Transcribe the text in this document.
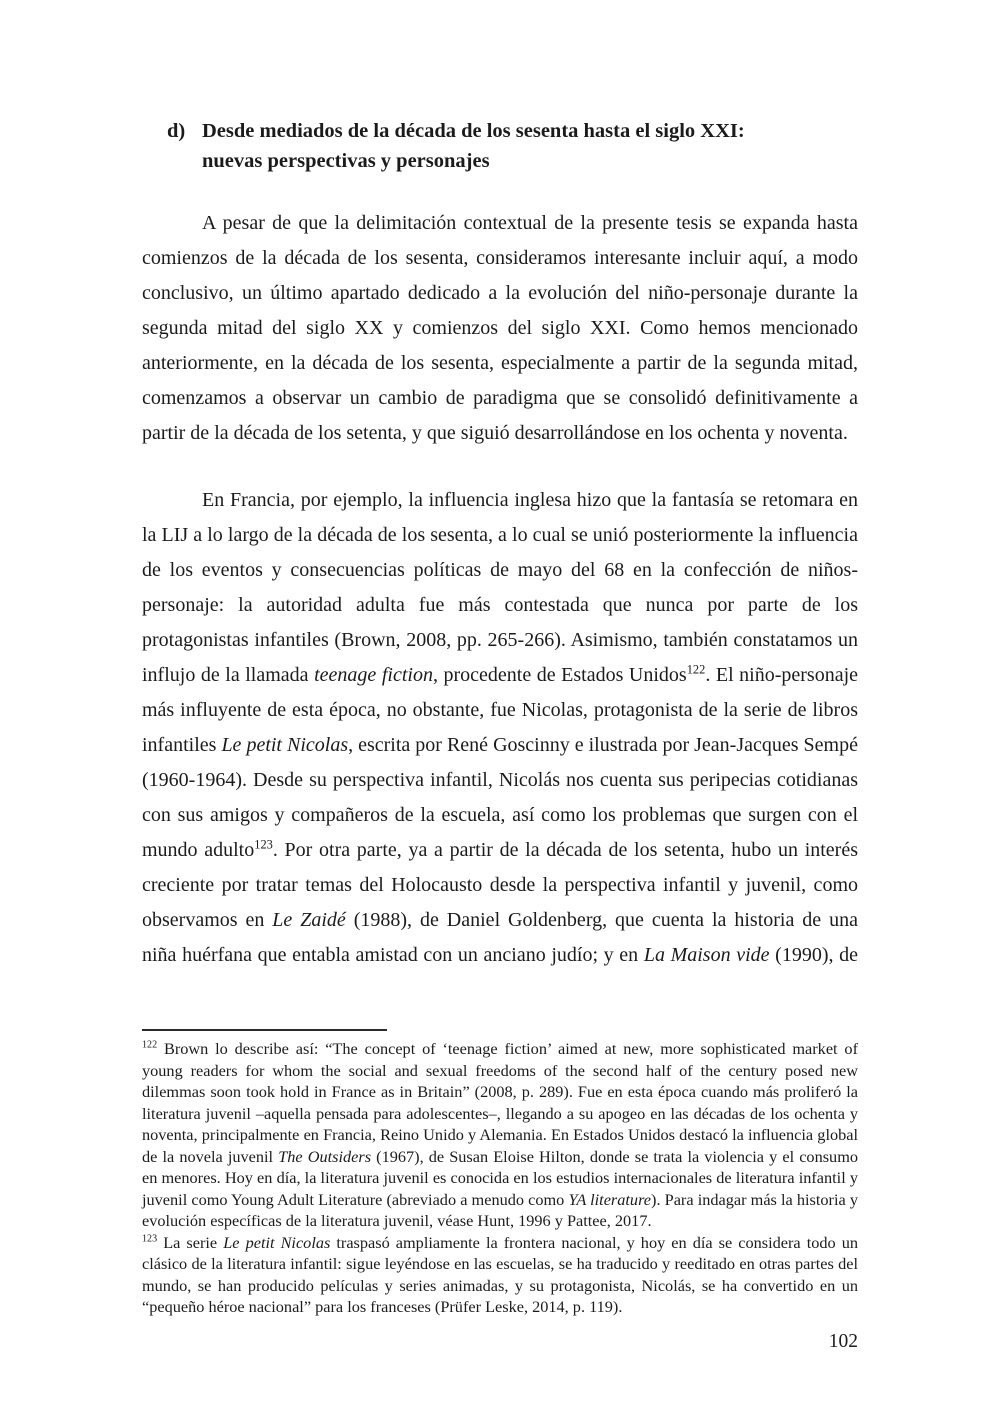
d) Desde mediados de la década de los sesenta hasta el siglo XXI:
nuevas perspectivas y personajes

A pesar de que la delimitación contextual de la presente tesis se expanda hasta comienzos de la década de los sesenta, consideramos interesante incluir aquí, a modo conclusivo, un último apartado dedicado a la evolución del niño-personaje durante la segunda mitad del siglo XX y comienzos del siglo XXI. Como hemos mencionado anteriormente, en la década de los sesenta, especialmente a partir de la segunda mitad, comenzamos a observar un cambio de paradigma que se consolidó definitivamente a partir de la década de los setenta, y que siguió desarrollándose en los ochenta y noventa.

En Francia, por ejemplo, la influencia inglesa hizo que la fantasía se retomara en la LIJ a lo largo de la década de los sesenta, a lo cual se unió posteriormente la influencia de los eventos y consecuencias políticas de mayo del 68 en la confección de niños-personaje: la autoridad adulta fue más contestada que nunca por parte de los protagonistas infantiles (Brown, 2008, pp. 265-266). Asimismo, también constatamos un influjo de la llamada teenage fiction, procedente de Estados Unidos$^{122}$. El niño-personaje más influyente de esta época, no obstante, fue Nicolas, protagonista de la serie de libros infantiles Le petit Nicolas, escrita por René Goscinny e ilustrada por Jean-Jacques Sempé (1960-1964). Desde su perspectiva infantil, Nicolás nos cuenta sus peripecias cotidianas con sus amigos y compañeros de la escuela, así como los problemas que surgen con el mundo adulto$^{123}$. Por otra parte, ya a partir de la década de los setenta, hubo un interés creciente por tratar temas del Holocausto desde la perspectiva infantil y juvenil, como observamos en Le Zaidé (1988), de Daniel Goldenberg, que cuenta la historia de una niña huérfana que entabla amistad con un anciano judío; y en La Maison vide (1990), de

$^{122}$ Brown lo describe así: “The concept of ‘teenage fiction’ aimed at new, more sophisticated market of young readers for whom the social and sexual freedoms of the second half of the century posed new dilemmas soon took hold in France as in Britain” (2008, p. 289). Fue en esta época cuando más proliferó la literatura juvenil –aquella pensada para adolescentes–, llegando a su apogeo en las décadas de los ochenta y noventa, principalmente en Francia, Reino Unido y Alemania. En Estados Unidos destacó la influencia global de la novela juvenil The Outsiders (1967), de Susan Eloise Hilton, donde se trata la violencia y el consumo en menores. Hoy en día, la literatura juvenil es conocida en los estudios internacionales de literatura infantil y juvenil como Young Adult Literature (abreviado a menudo como YA literature). Para indagar más la historia y evolución específicas de la literatura juvenil, véase Hunt, 1996 y Pattee, 2017.

$^{123}$ La serie Le petit Nicolas traspasó ampliamente la frontera nacional, y hoy en día se considera todo un clásico de la literatura infantil: sigue leyéndose en las escuelas, se ha traducido y reeditado en otras partes del mundo, se han producido películas y series animadas, y su protagonista, Nicolás, se ha convertido en un “pequeño héroe nacional” para los franceses (Prüfer Leske, 2014, p. 119).

102
